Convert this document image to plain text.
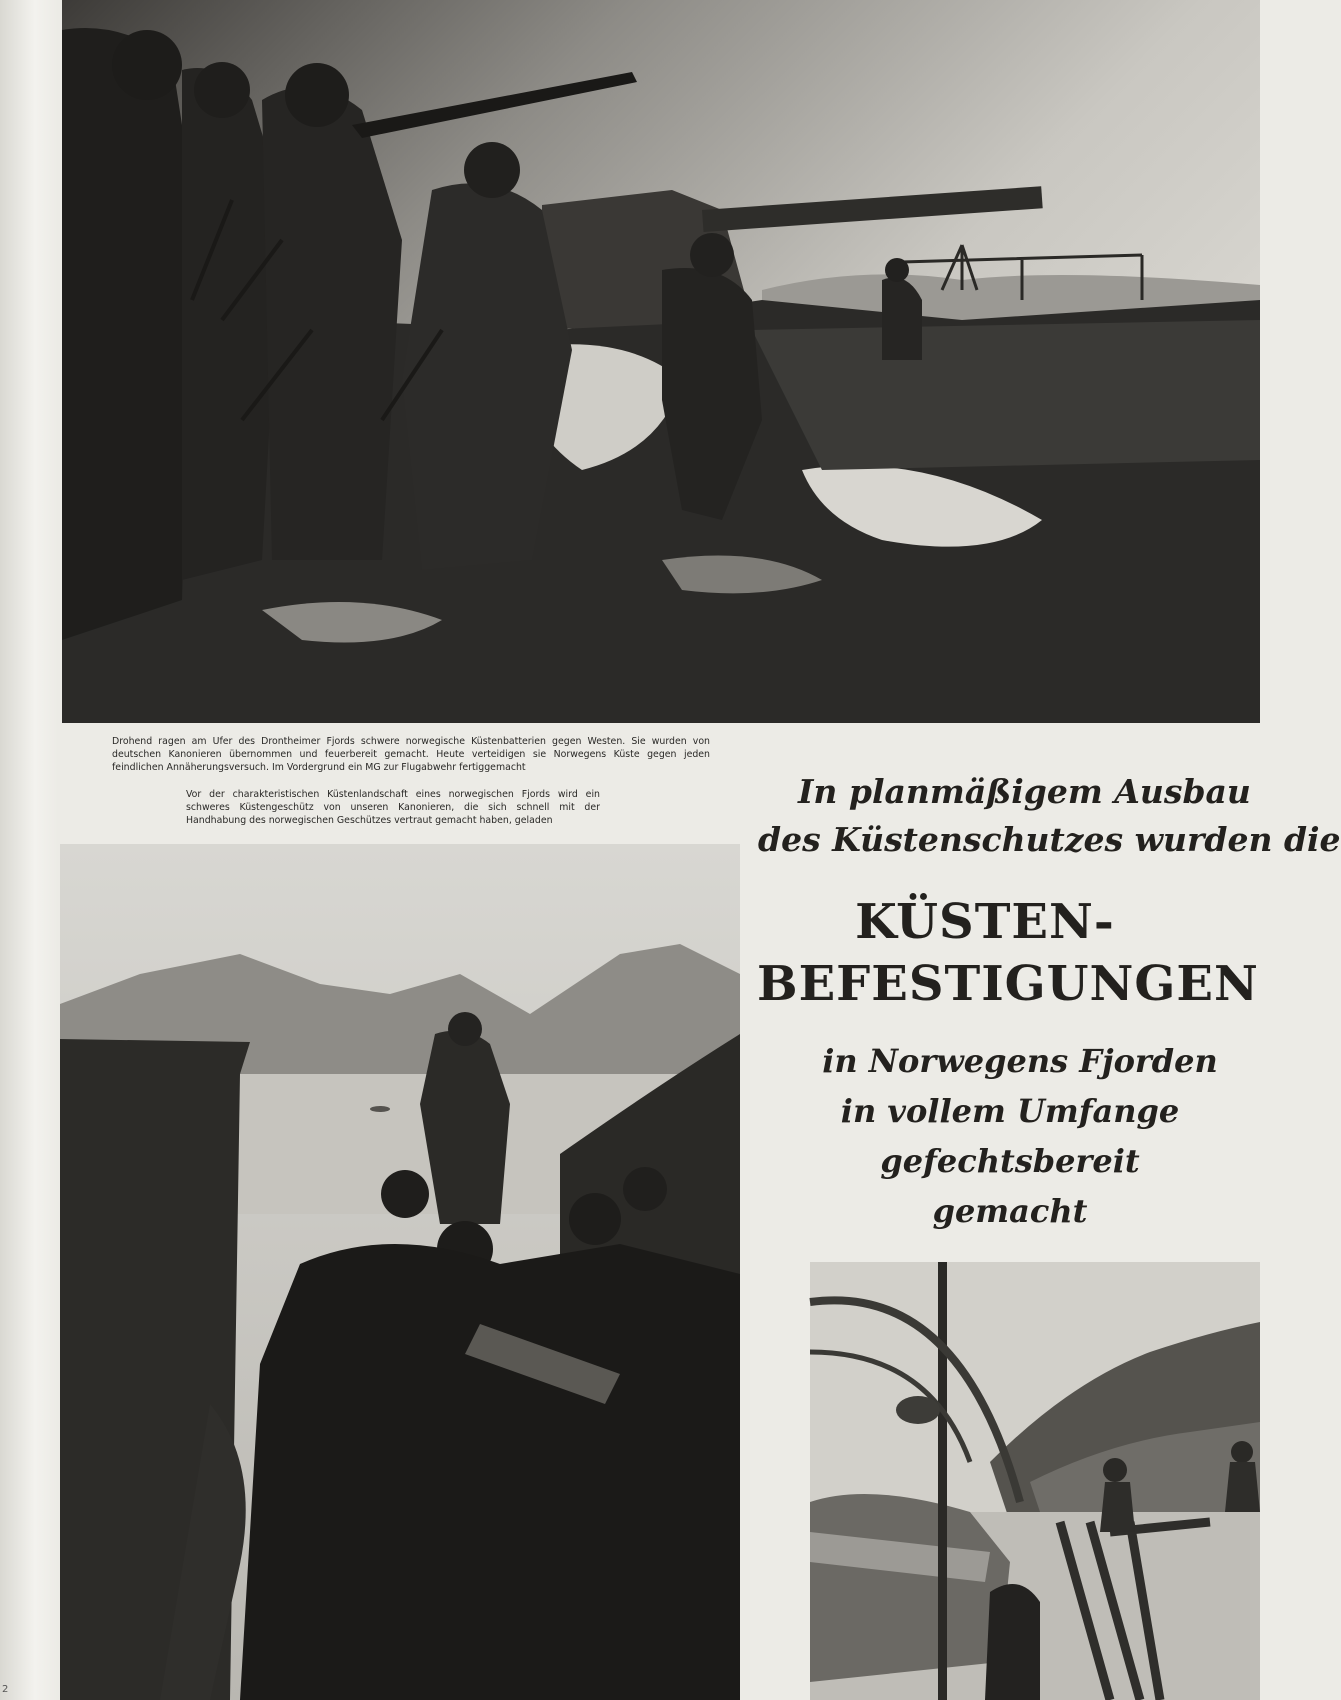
Drohend ragen am Ufer des Drontheimer Fjords schwere norwegische Küstenbatterien gegen Westen. Sie wurden von deutschen Kanonieren übernommen und feuerbereit gemacht. Heute verteidigen sie Norwegens Küste gegen jeden feindlichen Annäherungsversuch. Im Vordergrund ein MG zur Flugabwehr fertiggemacht
Vor der charakteristischen Küstenlandschaft eines norwegischen Fjords wird ein schweres Küstengeschütz von unseren Kanonieren, die sich schnell mit der Handhabung des norwegischen Geschützes vertraut gemacht haben, geladen
In planmäßigem Ausbau
des Küstenschutzes wurden die
KÜSTEN-
BEFESTIGUNGEN
in Norwegens Fjorden
in vollem Umfange
gefechtsbereit
gemacht
2
